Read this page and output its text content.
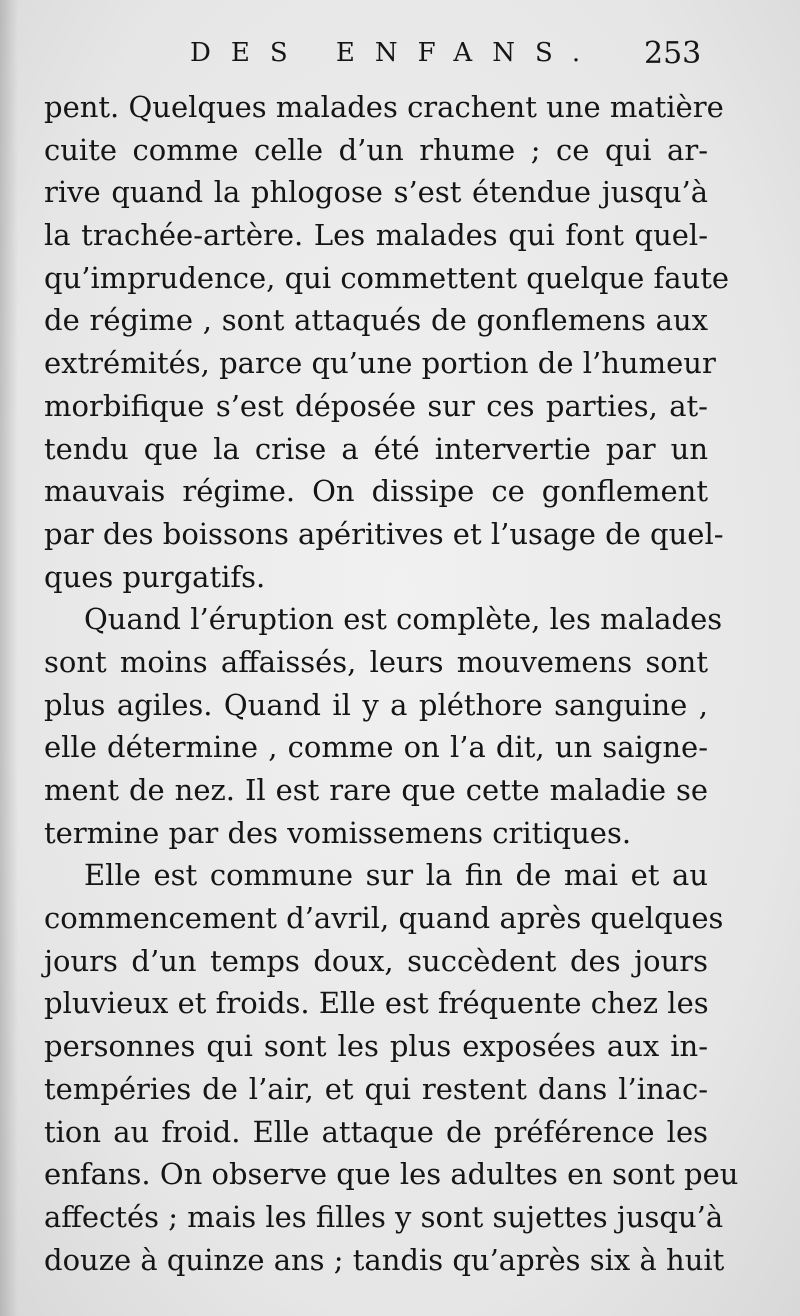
DES ENFANS. 253
pent. Quelques malades crachent une matière
cuite comme celle d’un rhume ; ce qui ar-
rive quand la phlogose s’est étendue jusqu’à
la trachée-artère. Les malades qui font quel-
qu’imprudence, qui commettent quelque faute
de régime , sont attaqués de gonflemens aux
extrémités, parce qu’une portion de l’humeur
morbifique s’est déposée sur ces parties, at-
tendu que la crise a été intervertie par un
mauvais régime. On dissipe ce gonflement
par des boissons apéritives et l’usage de quel-
ques purgatifs.
Quand l’éruption est complète, les malades
sont moins affaissés, leurs mouvemens sont
plus agiles. Quand il y a pléthore sanguine ,
elle détermine , comme on l’a dit, un saigne-
ment de nez. Il est rare que cette maladie se
termine par des vomissemens critiques.
Elle est commune sur la fin de mai et au
commencement d’avril, quand après quelques
jours d’un temps doux, succèdent des jours
pluvieux et froids. Elle est fréquente chez les
personnes qui sont les plus exposées aux in-
tempéries de l’air, et qui restent dans l’inac-
tion au froid. Elle attaque de préférence les
enfans. On observe que les adultes en sont peu
affectés ; mais les filles y sont sujettes jusqu’à
douze à quinze ans ; tandis qu’après six à huit
